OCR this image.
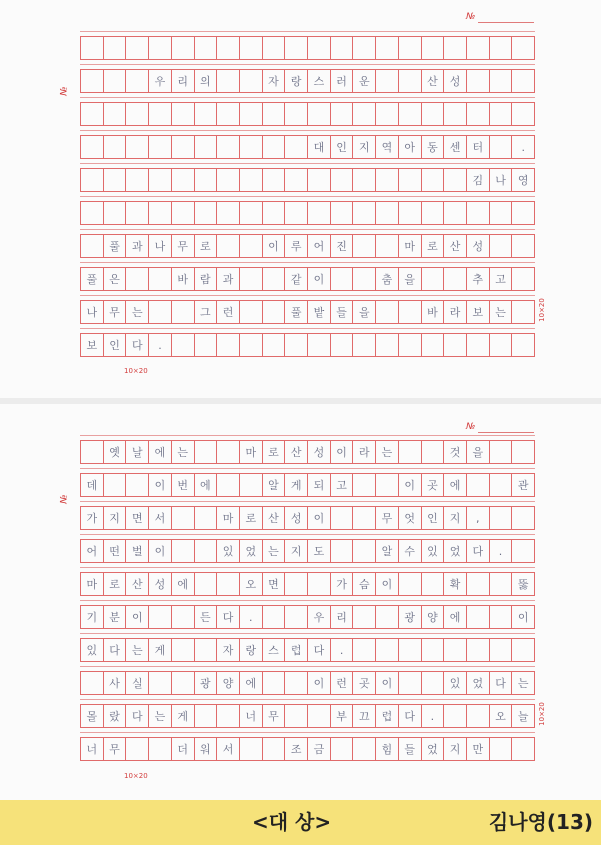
№
№
우	리	의	자	랑	스	러	운	산	성
대	인	지	역	아	동	센	터	.
김	나	영
풀	과	나	무	로	이	루	어	진	마	로	산	성
풀	은	바	람	과	같	이	춤	을	추	고
나	무	는	그	런	풀	밭	들	을	바	라	보	는
보	인	다	.
10×20
10×20
№
№
옛	날	에	는	마	로	산	성	이	라	는	것	을
데	이	번	에	알	게	되	고	이	곳	에	관
가	지	면	서	마	로	산	성	이	무	엇	인	지	,
어	떤	벌	이	있	었	는	지	도	알	수	있	었	다	.
마	로	산	성	에	오	면	가	슴	이	확	뚫
기	분	이	든	다	.	우	리	광	양	에	이
있	다	는	게	자	랑	스	럽	다	.
사	실	광	양	에	이	런	곳	이	있	었	다	는
몰	랐	다	는	게	너	무	부	끄	럽	다	.	오	늘
너	무	더	워	서	조	금	힘	들	었	지	만
10×20
10×20
<대 상>	김나영(13)
